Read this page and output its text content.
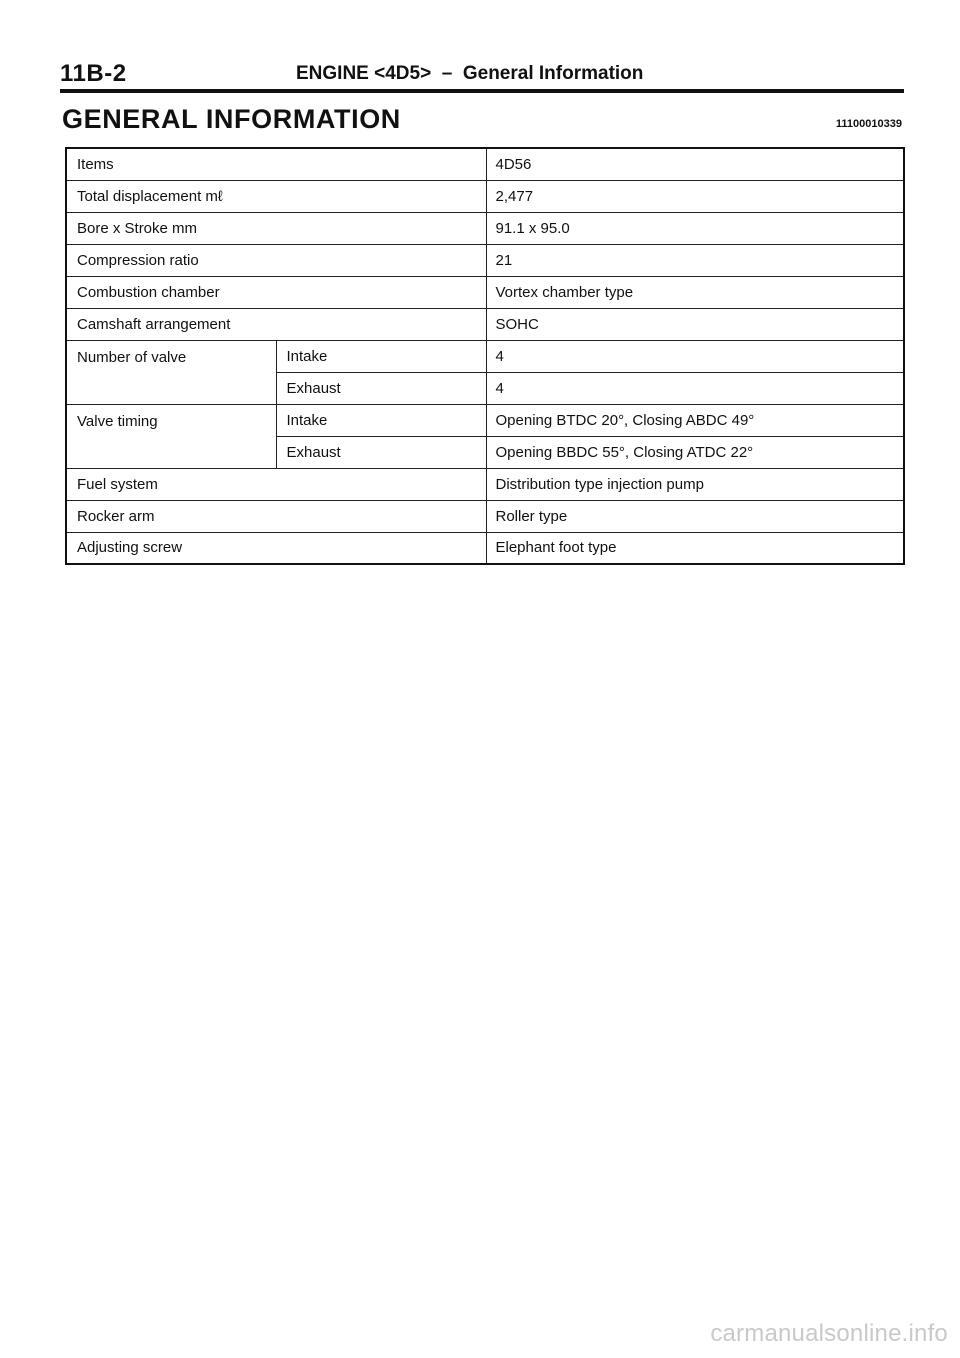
11B-2	ENGINE <4D5>  –  General Information
GENERAL INFORMATION	11100010339
Items		4D56
Total displacement mℓ		2,477
Bore x Stroke mm		91.1 x 95.0
Compression ratio		21
Combustion chamber		Vortex chamber type
Camshaft arrangement		SOHC
Number of valve	Intake	4
	Exhaust	4
Valve timing	Intake	Opening BTDC 20°, Closing ABDC 49°
	Exhaust	Opening BBDC 55°, Closing ATDC 22°
Fuel system		Distribution type injection pump
Rocker arm		Roller type
Adjusting screw		Elephant foot type
carmanualsonline.info
